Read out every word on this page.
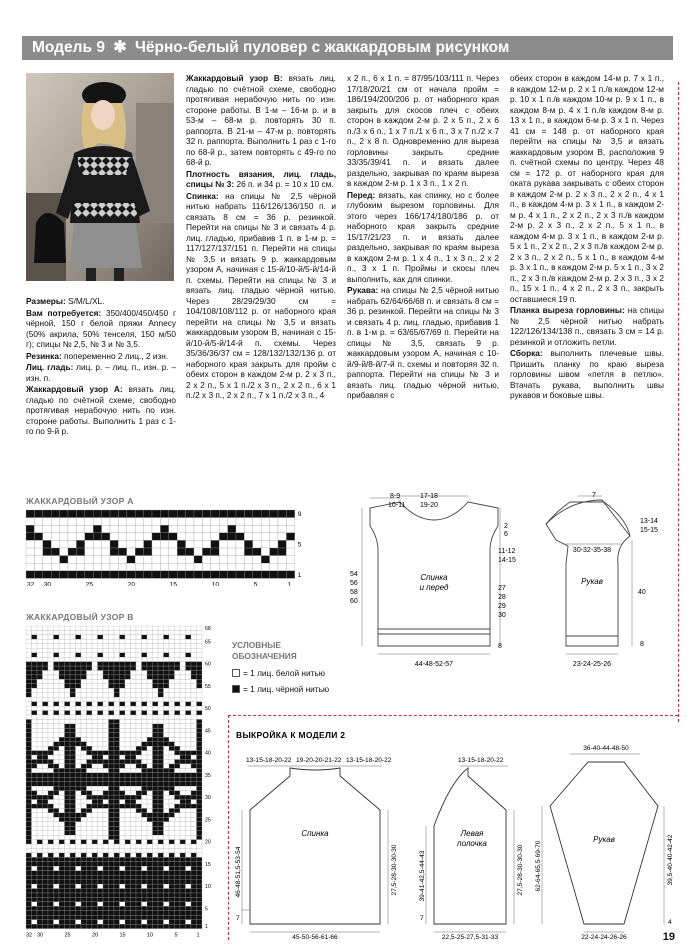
Модель 9 ✱ Чёрно-белый пуловер с жаккардовым рисунком

Размеры: S/M/L/XL.

Вам потребуется: 350/400/450/450 г чёрной, 150 г белой пряжи Annecy (50% акрила, 50% тенселя, 150 м/50 г); спицы № 2,5, № 3 и № 3,5.

Резинка: попеременно 2 лиц., 2 изн.

Лиц. гладь: лиц. р. – лиц. п., изн. р. – изн. п.

Жаккардовый узор А: вязать лиц. гладью по счётной схеме, свободно протягивая нерабочую нить по изн. стороне работы. Выполнить 1 раз с 1-го по 9-й р.

Жаккардовый узор В: вязать лиц. гладью по счётной схеме, свободно протягивая нерабочую нить по изн. стороне работы. В 1-м – 16-м р. и в 53-м – 68-м р. повторять 30 п. раппорта. В 21-м – 47-м р. повторять 32 п. раппорта. Выполнить 1 раз с 1-го по 68-й р., затем повторять с 49-го по 68-й р.

Плотность вязания, лиц. гладь, спицы № 3: 26 п. и 34 р. = 10 х 10 см.

Спинка: на спицы № 2,5 чёрной нитью набрать 116/126/136/150 п. и связать 8 см = 36 р. резинкой. Перейти на спицы № 3 и связать 4 р. лиц. гладью, прибавив 1 п. в 1-м р. = 117/127/137/151 п. Перейти на спицы № 3,5 и вязать 9 р. жаккардовым узором А, начиная с 15-й/10-й/5-й/14-й п. схемы. Перейти на спицы № 3 и вязать лиц. гладью чёрной нитью. Через 28/29/29/30 см = 104/108/108/112 р. от наборного края перейти на спицы № 3,5 и вязать жаккардовым узором В, начиная с 15-й/10-й/5-й/14-й п. схемы. Через 35/36/36/37 см = 128/132/132/136 р. от наборного края закрыть для пройм с обеих сторон в каждом 2-м р. 2 х 3 п., 2 х 2 п., 5 х 1 п./2 х 3 п., 2 х 2 п., 6 х 1 п./2 х 3 п., 2 х 2 п., 7 х 1 п./2 х 3 п., 4

х 2 п., 6 х 1 п. = 87/95/103/111 п. Через 17/18/20/21 см от начала пройм = 186/194/200/206 р. от наборного края закрыть для скосов плеч с обеих сторон в каждом 2-м р. 2 х 5 п., 2 х 6 п./3 х 6 п., 1 х 7 п./1 х 6 п., 3 х 7 п./2 х 7 п., 2 х 8 п. Одновременно для выреза горловины закрыть средние 33/35/39/41 п. и вязать далее раздельно, закрывая по краям выреза в каждом 2-м р. 1 х 3 п., 1 х 2 п.

Перед: вязать, как спинку, но с более глубоким вырезом горловины. Для этого через 166/174/180/186 р. от наборного края закрыть средние 15/17/21/23 п. и вязать далее раздельно, закрывая по краям выреза в каждом 2-м р. 1 х 4 п., 1 х 3 п., 2 х 2 п., 3 х 1 п. Проймы и скосы плеч выполнить, как для спинки.

Рукава: на спицы № 2,5 чёрной нитью набрать 62/64/66/68 п. и связать 8 см = 36 р. резинкой. Перейти на спицы № 3 и связать 4 р. лиц. гладью, прибавив 1 п. в 1-м р. = 63/65/67/69 п. Перейти на спицы № 3,5, связать 9 р. жаккардовым узором А, начиная с 10-й/9-й/8-й/7-й п. схемы и повторяя 32 п. раппорта. Перейти на спицы № 3 и вязать лиц. гладью чёрной нитью, прибавляя с

обеих сторон в каждом 14-м р. 7 х 1 п., в каждом 12-м р. 2 х 1 п./в каждом 12-м р. 10 х 1 п./в каждом 10-м р. 9 х 1 п., в каждом 8-м р. 4 х 1 п./в каждом 8-м р. 13 х 1 п., в каждом 6-м р. 3 х 1 п. Через 41 см = 148 р. от наборного края перейти на спицы № 3,5 и вязать жаккардовым узором В, расположив 9 п. счётной схемы по центру. Через 48 см = 172 р. от наборного края для оката рукава закрывать с обеих сторон в каждом 2-м р. 2 х 3 п., 2 х 2 п., 4 х 1 п., в каждом 4-м р. 3 х 1 п., в каждом 2-м р. 4 х 1 п., 2 х 2 п., 2 х 3 п./в каждом 2-м р. 2 х 3 п., 2 х 2 п., 5 х 1 п., в каждом 4-м р. 3 х 1 п., в каждом 2-м р. 5 х 1 п., 2 х 2 п., 2 х 3 п./в каждом 2-м р. 2 х 3 п., 2 х 2 п., 5 х 1 п., в каждом 4-м р. 3 х 1 п., в каждом 2-м р. 5 х 1 п., 3 х 2 п., 2 х 3 п./в каждом 2-м р. 2 х 3 п., 3 х 2 п., 15 х 1 п., 4 х 2 п., 2 х 3 п., закрыть оставшиеся 19 п.

Планка выреза горловины: на спицы № 2,5 чёрной нитью набрать 122/126/134/138 п., связать 3 см = 14 р. резинкой и отложить петли.

Сборка: выполнить плечевые швы. Пришить планку по краю выреза горловины швом «петля в петлю». Втачать рукава, выполнить швы рукавов и боковые швы.

ЖАККАРДОВЫЙ УЗОР А
32 30	25	20	15	10	5	1
9
5
1
ЖАККАРДОВЫЙ УЗОР В
32 30	25	20	15	10	5	1
68
65
60
55
50
45
40
35
30
25
20
15
10
5
1
УСЛОВНЫЕ
ОБОЗНАЧЕНИЯ
= 1 лиц. белой нитью
= 1 лиц. чёрной нитью
Спинка
и перед
8-9
10-11
17-18
19-20
2
6
11-12
14-15
27
28
29
30
8
54
56
58
60
44-48-52-57
7
13-14
15-15
30-32-35-38
Рукав
40
8
23-24-25-26
ВЫКРОЙКА К МОДЕЛИ 2
13-15-18-20-22 19-20-20-21-22 13-15-18-20-22
Спинка
46-48-51,5-53-54
7
27,5-28-30-30-30
45-50-56-61-66
13-15-18-20-22
Левая
полочка
39-41-42,5-44-43
7
27,5-28-30-30-30
22,5-25-27,5-31-33
36-40-44-48-50
Рукав
62-64-65,5-69-70	39,5-40-40-42-42
4
22-24-24-26-26	19
